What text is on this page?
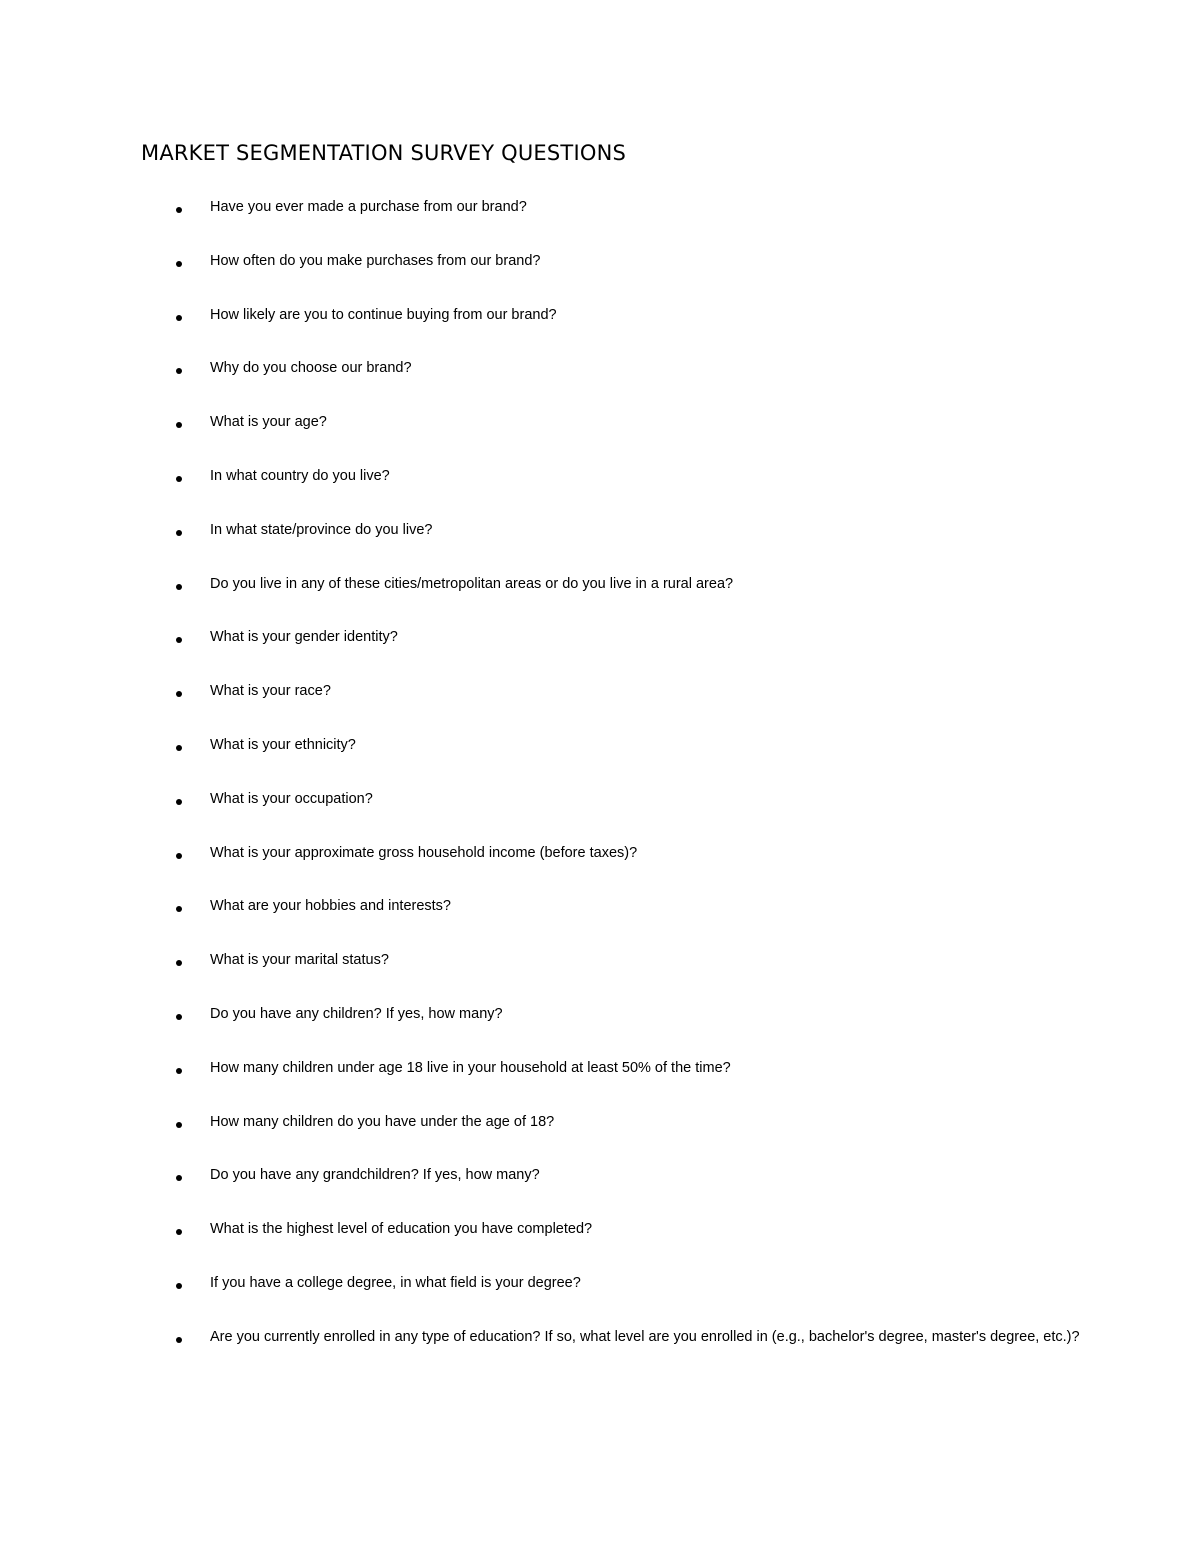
MARKET SEGMENTATION SURVEY QUESTIONS
Have you ever made a purchase from our brand?
How often do you make purchases from our brand?
How likely are you to continue buying from our brand?
Why do you choose our brand?
What is your age?
In what country do you live?
In what state/province do you live?
Do you live in any of these cities/metropolitan areas or do you live in a rural area?
What is your gender identity?
What is your race?
What is your ethnicity?
What is your occupation?
What is your approximate gross household income (before taxes)?
What are your hobbies and interests?
What is your marital status?
Do you have any children? If yes, how many?
How many children under age 18 live in your household at least 50% of the time?
How many children do you have under the age of 18?
Do you have any grandchildren? If yes, how many?
What is the highest level of education you have completed?
If you have a college degree, in what field is your degree?
Are you currently enrolled in any type of education? If so, what level are you enrolled in (e.g., bachelor's degree, master's degree, etc.)?
